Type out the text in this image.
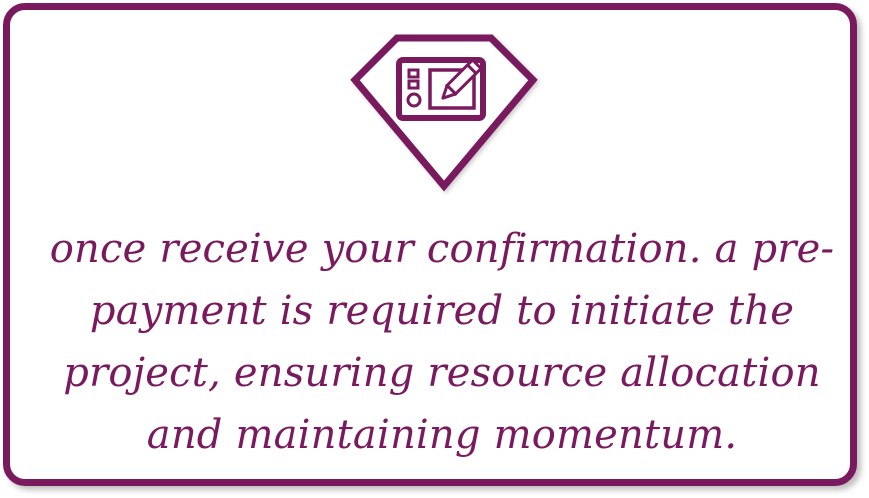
once receive your confirmation. a pre-payment is required to initiate the project, ensuring resource allocation and maintaining momentum.
